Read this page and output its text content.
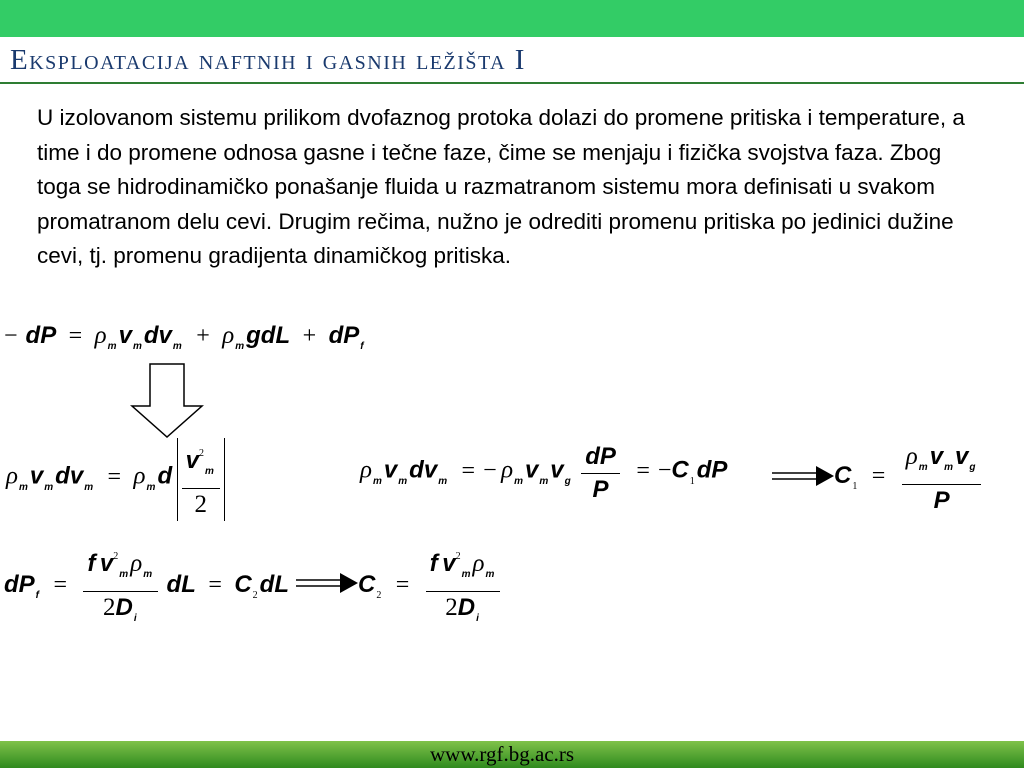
Eksploatacija naftnih i gasnih ležišta I

U izolovanom sistemu prilikom dvofaznog protoka dolazi do promene pritiska i temperature, a time i do promene odnosa gasne i tečne faze, čime se menjaju i fizička svojstva faza. Zbog toga se hidrodinamičko ponašanje fluida u razmatranom sistemu mora definisati u svakom promatranom delu cevi. Drugim rečima, nužno je odrediti promenu pritiska po jedinici dužine cevi, tj. promenu gradijenta dinamičkog pritiska.

− dP = $\rho_mv_mdv_m + \rho_mgdL + dP_f$
$\rho_mv_mdv_m = \rho_md \frac{v^2_m}{2}$	$\rho_mv_mdv_m$ = − $\rho_mv_mv_g \frac{dP}{P} = -C_1dP$	$C_1 = \frac{\rho_mv_mv_g}{P}$
$dP_f = \frac{f v^2_m\rho_m}{2D_i}$ dL = $C_2dL$	$C_2 = \frac{f v^2_m\rho_m}{2D_i}$
www.rgf.bg.ac.rs
